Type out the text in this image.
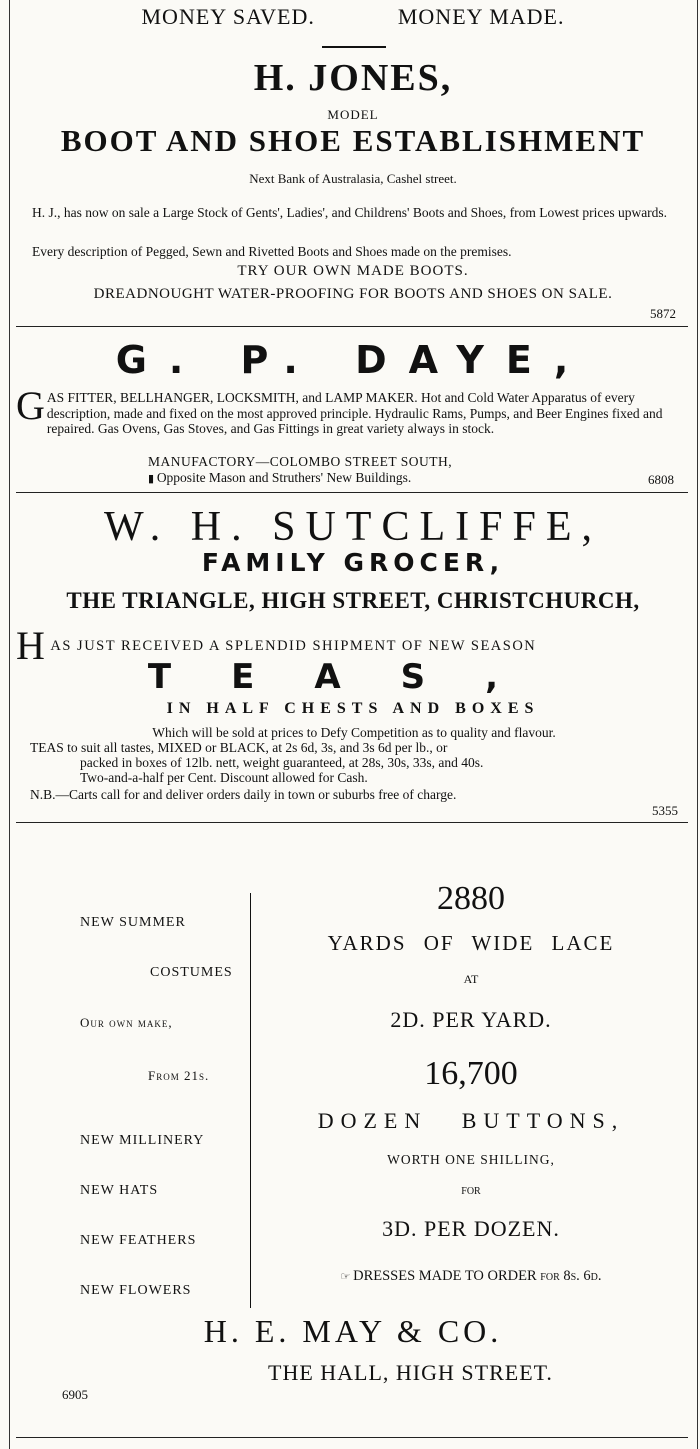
MONEY SAVED.	MONEY MADE.
H. JONES,
MODEL
BOOT AND SHOE ESTABLISHMENT
Next Bank of Australasia, Cashel street.
H. J., has now on sale a Large Stock of Gents', Ladies', and Childrens' Boots and Shoes, from Lowest prices upwards.
Every description of Pegged, Sewn and Rivetted Boots and Shoes made on the premises.
TRY OUR OWN MADE BOOTS.
DREADNOUGHT WATER-PROOFING FOR BOOTS AND SHOES ON SALE.
5872
G. P. DAYE,
GAS FITTER, BELLHANGER, LOCKSMITH, and LAMP MAKER. Hot and Cold Water Apparatus of every description, made and fixed on the most approved principle. Hydraulic Rams, Pumps, and Beer Engines fixed and repaired. Gas Ovens, Gas Stoves, and Gas Fittings in great variety always in stock.
MANUFACTORY—COLOMBO STREET SOUTH,
▮ Opposite Mason and Struthers' New Buildings.	6808
W. H. SUTCLIFFE,
FAMILY GROCER,
THE TRIANGLE, HIGH STREET, CHRISTCHURCH,
HAS JUST RECEIVED A SPLENDID SHIPMENT OF NEW SEASON
TEAS,
IN HALF CHESTS AND BOXES
Which will be sold at prices to Defy Competition as to quality and flavour.
TEAS to suit all tastes, MIXED or BLACK, at 2s 6d, 3s, and 3s 6d per lb., or
packed in boxes of 12lb. nett, weight guaranteed, at 28s, 30s, 33s, and 40s.
Two-and-a-half per Cent. Discount allowed for Cash.
N.B.—Carts call for and deliver orders daily in town or suburbs free of charge.
5355
NEW SUMMER
COSTUMES
Our own make,
From 21s.
NEW MILLINERY
NEW HATS
NEW FEATHERS
NEW FLOWERS
2880
YARDS OF WIDE LACE
AT
2D. PER YARD.
16,700
DOZEN BUTTONS,
WORTH ONE SHILLING,
FOR
3D. PER DOZEN.
☞ DRESSES MADE TO ORDER for 8s. 6d.
H. E. MAY & CO.
THE HALL, HIGH STREET.
6905
